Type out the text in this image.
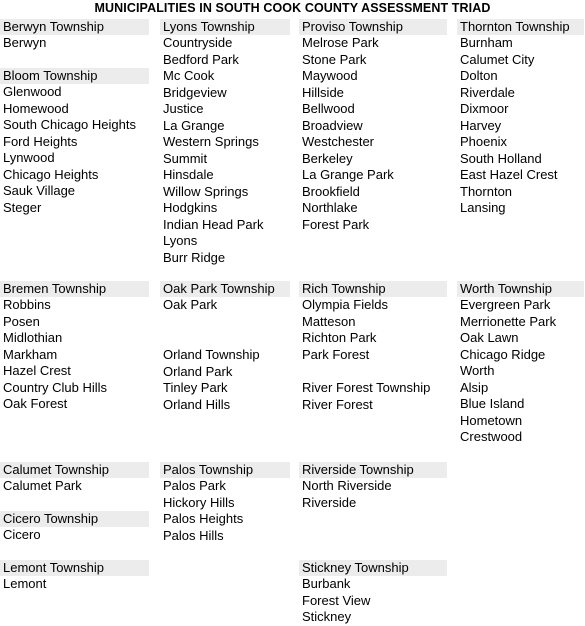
MUNICIPALITIES IN SOUTH COOK COUNTY ASSESSMENT TRIAD
Berwyn Township
Berwyn
Bloom Township
Glenwood
Homewood
South Chicago Heights
Ford Heights
Lynwood
Chicago Heights
Sauk Village
Steger
Bremen Township
Robbins
Posen
Midlothian
Markham
Hazel Crest
Country Club Hills
Oak Forest
Calumet Township
Calumet Park
Cicero Township
Cicero
Lemont Township
Lemont
Lyons Township
Countryside
Bedford Park
Mc Cook
Bridgeview
Justice
La Grange
Western Springs
Summit
Hinsdale
Willow Springs
Hodgkins
Indian Head Park
Lyons
Burr Ridge
Oak Park Township
Oak Park
Orland Township
Orland Park
Tinley Park
Orland Hills
Palos Township
Palos Park
Hickory Hills
Palos Heights
Palos Hills
Proviso Township
Melrose Park
Stone Park
Maywood
Hillside
Bellwood
Broadview
Westchester
Berkeley
La Grange Park
Brookfield
Northlake
Forest Park
Rich Township
Olympia Fields
Matteson
Richton Park
Park Forest
River Forest Township
River Forest
Riverside Township
North Riverside
Riverside
Stickney Township
Burbank
Forest View
Stickney
Thornton Township
Burnham
Calumet City
Dolton
Riverdale
Dixmoor
Harvey
Phoenix
South Holland
East Hazel Crest
Thornton
Lansing
Worth Township
Evergreen Park
Merrionette Park
Oak Lawn
Chicago Ridge
Worth
Alsip
Blue Island
Hometown
Crestwood
